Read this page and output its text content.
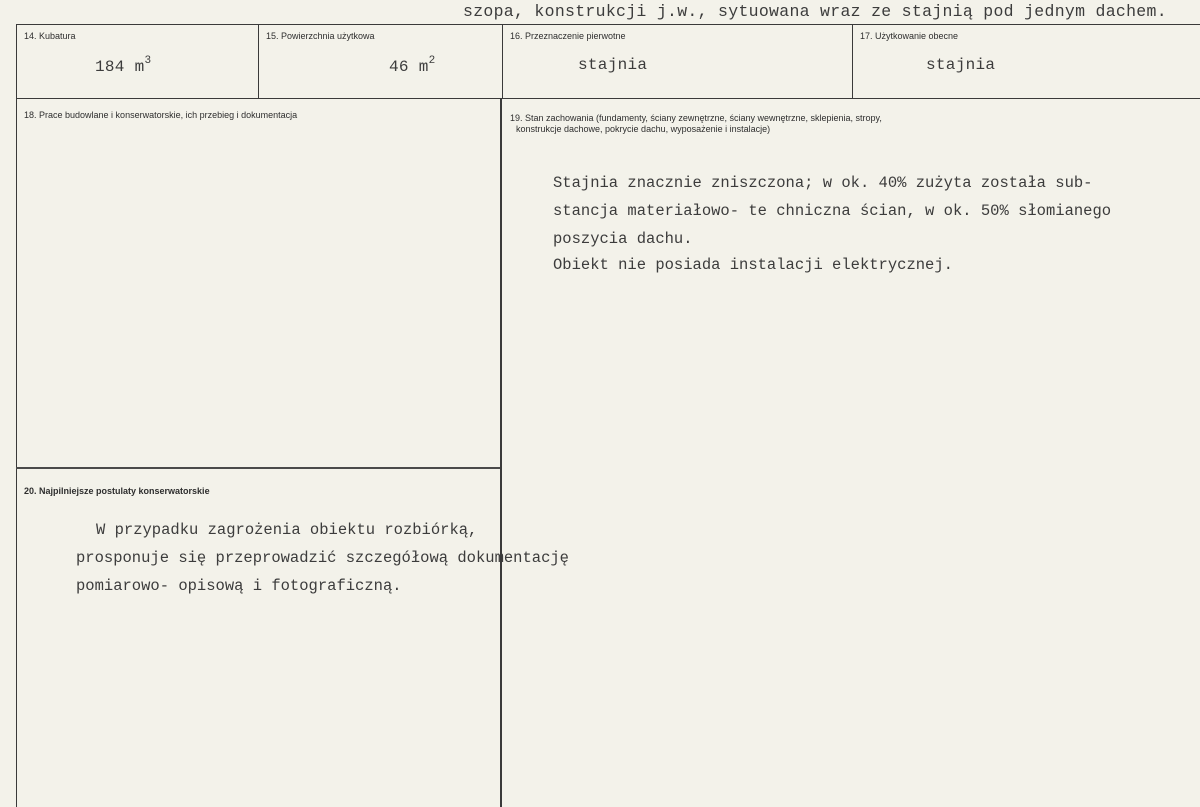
szopa, konstrukcji j.w., sytuowana wraz ze stajnią pod jednym dachem.
14. Kubatura
184 $m^3$
15. Powierzchnia użytkowa
46 $m^2$
16. Przeznaczenie pierwotne
stajnia
17. Użytkowanie obecne
stajnia
18. Prace budowlane i konserwatorskie, ich przebieg i dokumentacja	19. Stan zachowania (fundamenty, ściany zewnętrzne, ściany wewnętrzne, sklepienia, stropy,
konstrukcje dachowe, pokrycie dachu, wyposażenie i instalacje)
Stajnia znacznie zniszczona; w ok. 40% zużyta została sub-
stancja materiałowo- te chniczna ścian, w ok. 50% słomianego
poszycia dachu.
Obiekt nie posiada instalacji elektrycznej.
20. Najpilniejsze postulaty konserwatorskie
W przypadku zagrożenia obiektu rozbiórką,
prosponuje się przeprowadzić szczegółową dokumentację
pomiarowo- opisową i fotograficzną.
